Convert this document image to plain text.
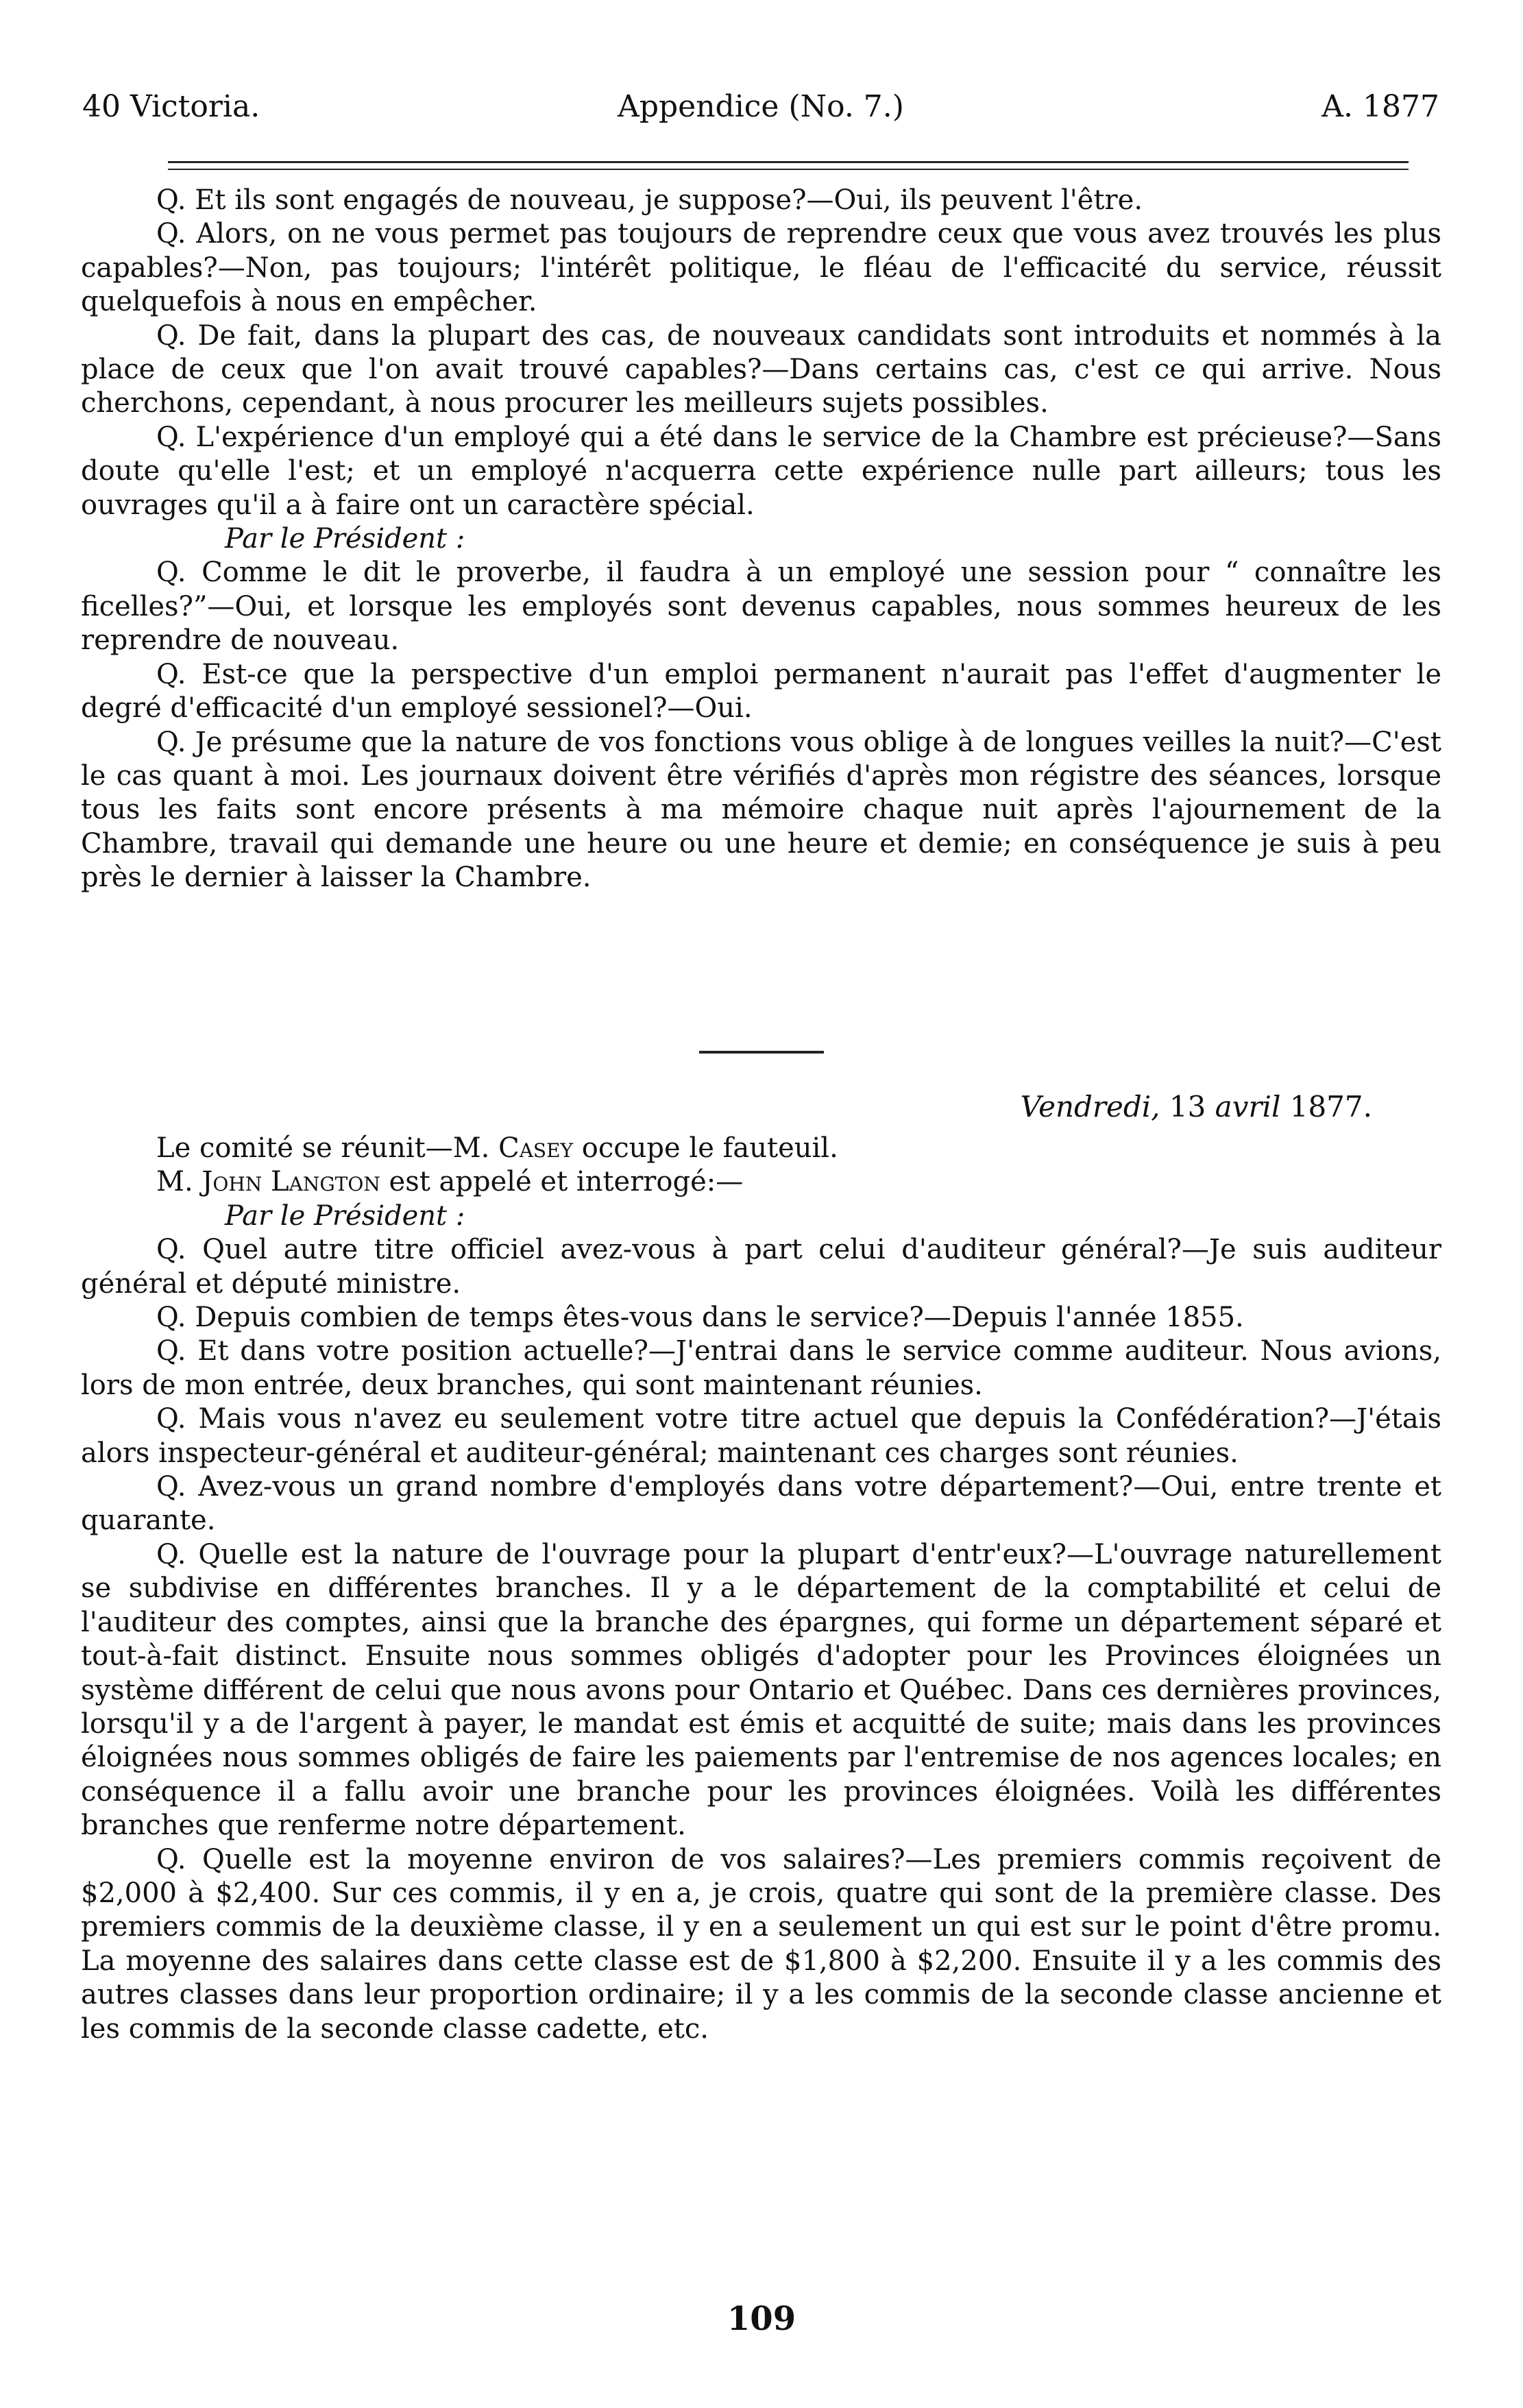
40 Victoria.	Appendice (No. 7.)	A. 1877

Q. Et ils sont engagés de nouveau, je suppose?—Oui, ils peuvent l'être.

Q. Alors, on ne vous permet pas toujours de reprendre ceux que vous avez trouvés les plus capables?—Non, pas toujours; l'intérêt politique, le fléau de l'efficacité du service, réussit quelquefois à nous en empêcher.

Q. De fait, dans la plupart des cas, de nouveaux candidats sont introduits et nommés à la place de ceux que l'on avait trouvé capables?—Dans certains cas, c'est ce qui arrive. Nous cherchons, cependant, à nous procurer les meilleurs sujets possibles.

Q. L'expérience d'un employé qui a été dans le service de la Chambre est précieuse?—Sans doute qu'elle l'est; et un employé n'acquerra cette expérience nulle part ailleurs; tous les ouvrages qu'il a à faire ont un caractère spécial.

Par le Président :

Q. Comme le dit le proverbe, il faudra à un employé une session pour “ connaître les ficelles?”—Oui, et lorsque les employés sont devenus capables, nous sommes heureux de les reprendre de nouveau.

Q. Est-ce que la perspective d'un emploi permanent n'aurait pas l'effet d'augmenter le degré d'efficacité d'un employé sessionel?—Oui.

Q. Je présume que la nature de vos fonctions vous oblige à de longues veilles la nuit?—C'est le cas quant à moi. Les journaux doivent être vérifiés d'après mon régistre des séances, lorsque tous les faits sont encore présents à ma mémoire chaque nuit après l'ajournement de la Chambre, travail qui demande une heure ou une heure et demie; en conséquence je suis à peu près le dernier à laisser la Chambre.

Vendredi, 13 avril 1877.

Le comité se réunit—M. Casey occupe le fauteuil.

M. John Langton est appelé et interrogé:—

Par le Président :

Q. Quel autre titre officiel avez-vous à part celui d'auditeur général?—Je suis auditeur général et député ministre.

Q. Depuis combien de temps êtes-vous dans le service?—Depuis l'année 1855.

Q. Et dans votre position actuelle?—J'entrai dans le service comme auditeur. Nous avions, lors de mon entrée, deux branches, qui sont maintenant réunies.

Q. Mais vous n'avez eu seulement votre titre actuel que depuis la Confédération?—J'étais alors inspecteur-général et auditeur-général; maintenant ces charges sont réunies.

Q. Avez-vous un grand nombre d'employés dans votre département?—Oui, entre trente et quarante.

Q. Quelle est la nature de l'ouvrage pour la plupart d'entr'eux?—L'ouvrage naturellement se subdivise en différentes branches. Il y a le département de la comptabilité et celui de l'auditeur des comptes, ainsi que la branche des épargnes, qui forme un département séparé et tout-à-fait distinct. Ensuite nous sommes obligés d'adopter pour les Provinces éloignées un système différent de celui que nous avons pour Ontario et Québec. Dans ces dernières provinces, lorsqu'il y a de l'argent à payer, le mandat est émis et acquitté de suite; mais dans les provinces éloignées nous sommes obligés de faire les paiements par l'entremise de nos agences locales; en conséquence il a fallu avoir une branche pour les provinces éloignées. Voilà les différentes branches que renferme notre département.

Q. Quelle est la moyenne environ de vos salaires?—Les premiers commis reçoivent de $2,000 à $2,400. Sur ces commis, il y en a, je crois, quatre qui sont de la première classe. Des premiers commis de la deuxième classe, il y en a seulement un qui est sur le point d'être promu. La moyenne des salaires dans cette classe est de $1,800 à $2,200. Ensuite il y a les commis des autres classes dans leur proportion ordinaire; il y a les commis de la seconde classe ancienne et les commis de la seconde classe cadette, etc.

109
